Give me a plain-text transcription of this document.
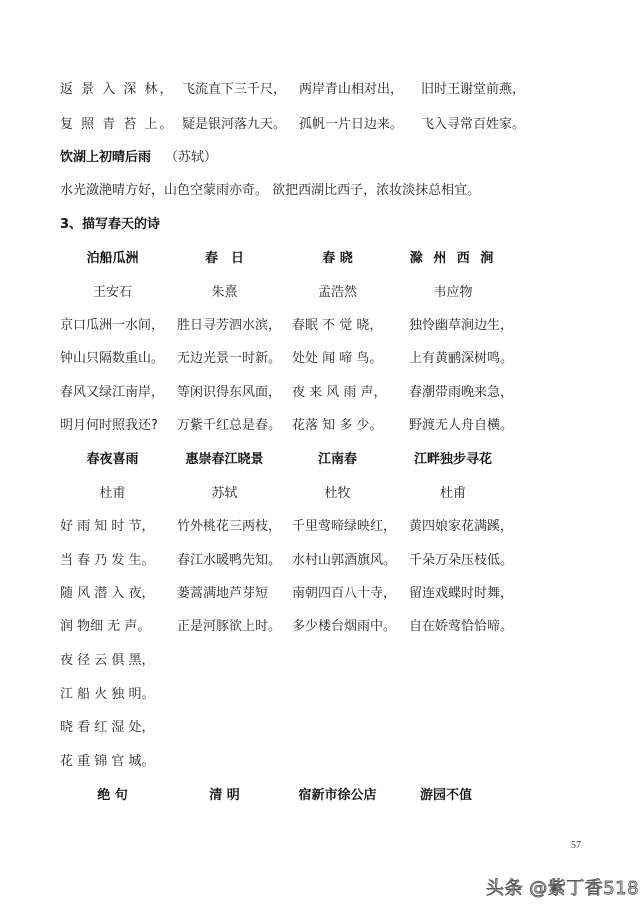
返 景 入 深 林， 飞流直下三千尺， 两岸青山相对出， 旧时王谢堂前燕，
复 照 青 苔 上。 疑是银河落九天。 孤帆一片日边来。 飞入寻常百姓家。
饮湖上初晴后雨 （苏轼）
水光潋滟晴方好，山色空蒙雨亦奇。 欲把西湖比西子，浓妆淡抹总相宜。
3、描写春天的诗
泊船瓜洲	春　日	春 晓	滁 州 西 涧
王安石	朱熹	孟浩然	韦应物
京口瓜洲一水间， 胜日寻芳泗水滨， 春眠 不 觉 晓， 独怜幽草涧边生，
钟山只隔数重山。 无边光景一时新。 处处 闻 啼 鸟。 上有黄鹂深树鸣。
春风又绿江南岸， 等闲识得东风面， 夜 来 风 雨 声， 春潮带雨晚来急，
明月何时照我还? 万紫千红总是春。 花落 知 多 少。 野渡无人舟自横。
春夜喜雨	惠崇春江晓景	江南春	江畔独步寻花
杜甫	苏轼	杜牧	杜甫
好 雨 知 时 节， 竹外桃花三两枝， 千里莺啼绿映红， 黄四娘家花满蹊，
当 春 乃 发 生。 春江水暖鸭先知。 水村山郭酒旗风。 千朵万朵压枝低。
随 风 潜 入 夜， 蒌蒿满地芦芽短 南朝四百八十寺， 留连戏蝶时时舞，
润 物细 无 声。 正是河豚欲上时。 多少楼台烟雨中。 自在娇莺恰恰啼。
夜 径 云 俱 黑，
江 船 火 独 明。
晓 看 红 湿 处，
花 重 锦 官 城。
绝 句	清 明	宿新市徐公店	游园不值
57
头条 @紫丁香518
